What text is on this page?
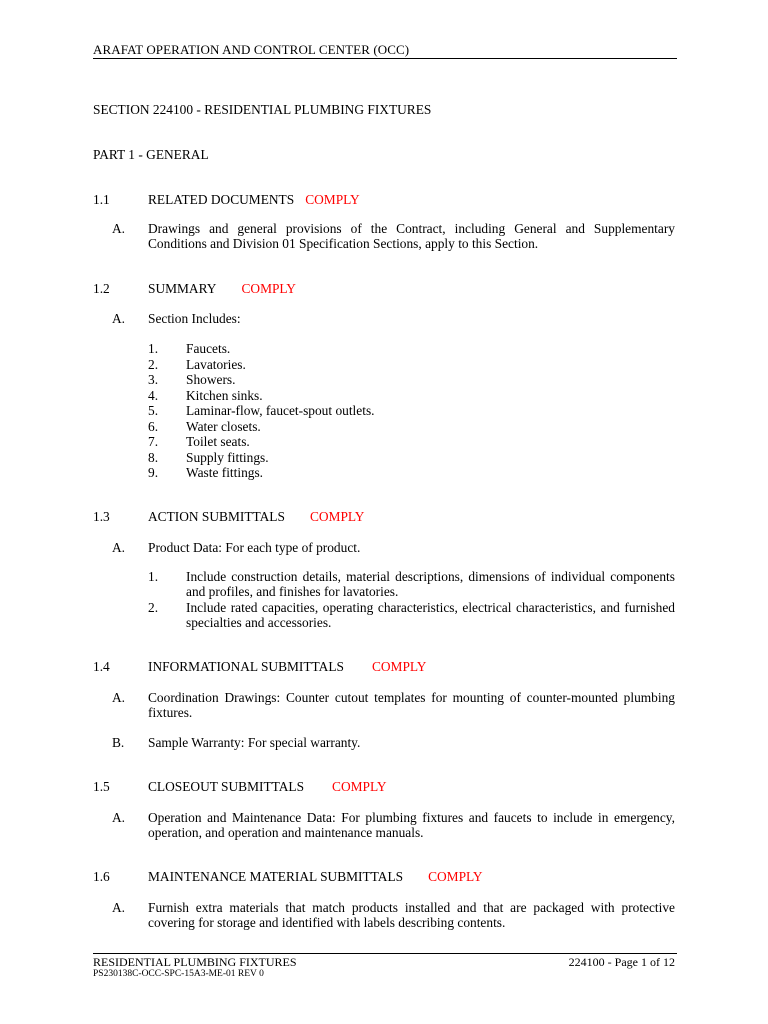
ARAFAT OPERATION AND CONTROL CENTER (OCC)
SECTION 224100 - RESIDENTIAL PLUMBING FIXTURES
PART 1 - GENERAL
1.1	RELATED DOCUMENTS COMPLY
A. Drawings and general provisions of the Contract, including General and Supplementary Conditions and Division 01 Specification Sections, apply to this Section.
1.2	SUMMARY COMPLY
A. Section Includes:
1. Faucets.
2. Lavatories.
3. Showers.
4. Kitchen sinks.
5. Laminar-flow, faucet-spout outlets.
6. Water closets.
7. Toilet seats.
8. Supply fittings.
9. Waste fittings.
1.3	ACTION SUBMITTALS COMPLY
A. Product Data: For each type of product.
1. Include construction details, material descriptions, dimensions of individual components and profiles, and finishes for lavatories.
2. Include rated capacities, operating characteristics, electrical characteristics, and furnished specialties and accessories.
1.4	INFORMATIONAL SUBMITTALS COMPLY
A. Coordination Drawings: Counter cutout templates for mounting of counter-mounted plumbing fixtures.
B. Sample Warranty: For special warranty.
1.5	CLOSEOUT SUBMITTALS COMPLY
A. Operation and Maintenance Data: For plumbing fixtures and faucets to include in emergency, operation, and operation and maintenance manuals.
1.6	MAINTENANCE MATERIAL SUBMITTALS COMPLY
A. Furnish extra materials that match products installed and that are packaged with protective covering for storage and identified with labels describing contents.
RESIDENTIAL PLUMBING FIXTURES	224100 - Page 1 of 12
PS230138C-OCC-SPC-15A3-ME-01 REV 0
